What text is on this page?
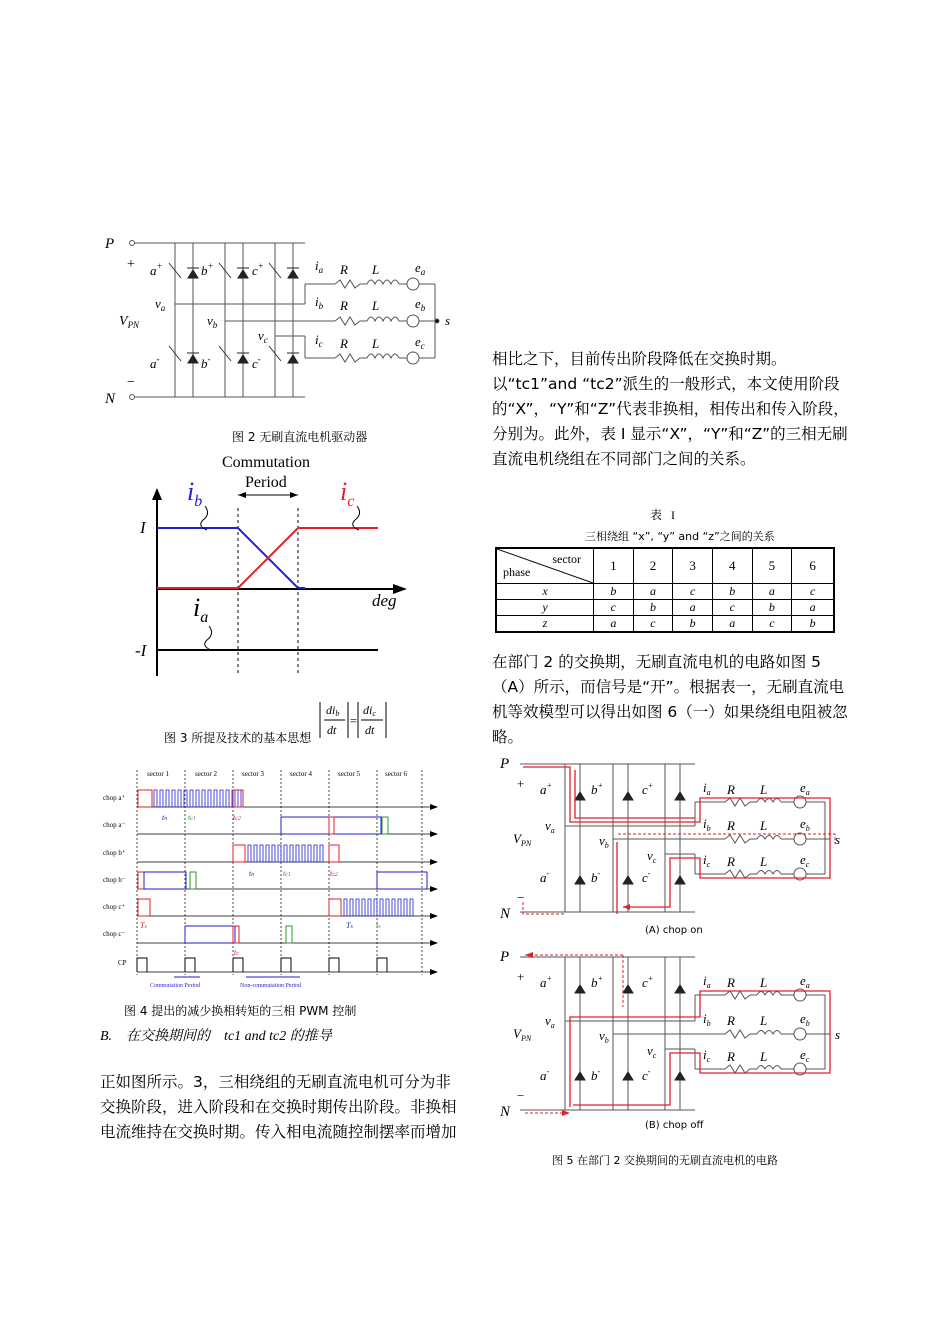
P
N
+
−
$V_{PN}$
a+	b+	c+
a-	b-	c-
$v_a$
$v_b$
$v_c$
$i_a$
$i_b$
$i_c$
R L	$e_a$
R L	$e_b$
R L	$e_c$
s
图 2 无刷直流电机驱动器
Commutation
Period
deg
I
-I
$i_b$	$i_c$
$i_a$
图 3 所提及技术的基本思想
dib
dt
=
dic
dt
sector 1	sector 2	sector 3	sector 4	sector 5	sector 6
chop a⁺
chop a⁻
chop b⁺
chop b⁻
chop c⁺
chop c⁻
CP
tn
tn
Ts
tc1
tc1
ts
tc2
tc2
Ts
tc
Commutation Period	Non-commutation Period
图 4 提出的减少换相转矩的三相 PWM 控制
B.    在交换期间的    tc1 and tc2 的推导
正如图所示。3，三相绕组的无刷直流电机可分为非交换阶段，进入阶段和在交换时期传出阶段。非换相电流维持在交换时期。传入相电流随控制摆率而增加
相比之下，目前传出阶段降低在交换时期。以“tc1”and “tc2”派生的一般形式，本文使用阶段的“X”，“Y”和“Z”代表非换相，相传出和传入阶段，分别为。此外，表 I 显示“X”，“Y”和“Z”的三相无刷直流电机绕组在不同部门之间的关系。
表   I
三相绕组 “x”, “y” and “z”之间的关系
sector
phase	1	2	3	4	5	6
x	b	a	c	b	a	c
y	c	b	a	c	b	a
z	a	c	b	a	c	b
在部门 2 的交换期，无刷直流电机的电路如图 5（A）所示，而信号是“开”。根据表一，无刷直流电机等效模型可以得出如图 6（一）如果绕组电阻被忽略。
P
N
+
−
$V_{PN}$
a+	b+	c+
a-	b-	c-
$v_a$
$v_b$
$v_c$
$i_a$
$i_b$
$i_c$
R L	$e_a$
R L	$e_b$
R L	$e_c$
s
(A) chop on
P
N
+
−
$V_{PN}$
a+	b+	c+
a-	b-	c-
$v_a$
$v_b$
$v_c$
$i_a$
$i_b$
$i_c$
R L	$e_a$
R L	$e_b$
R L	$e_c$
s
(B) chop off
图 5 在部门 2 交换期间的无刷直流电机的电路
